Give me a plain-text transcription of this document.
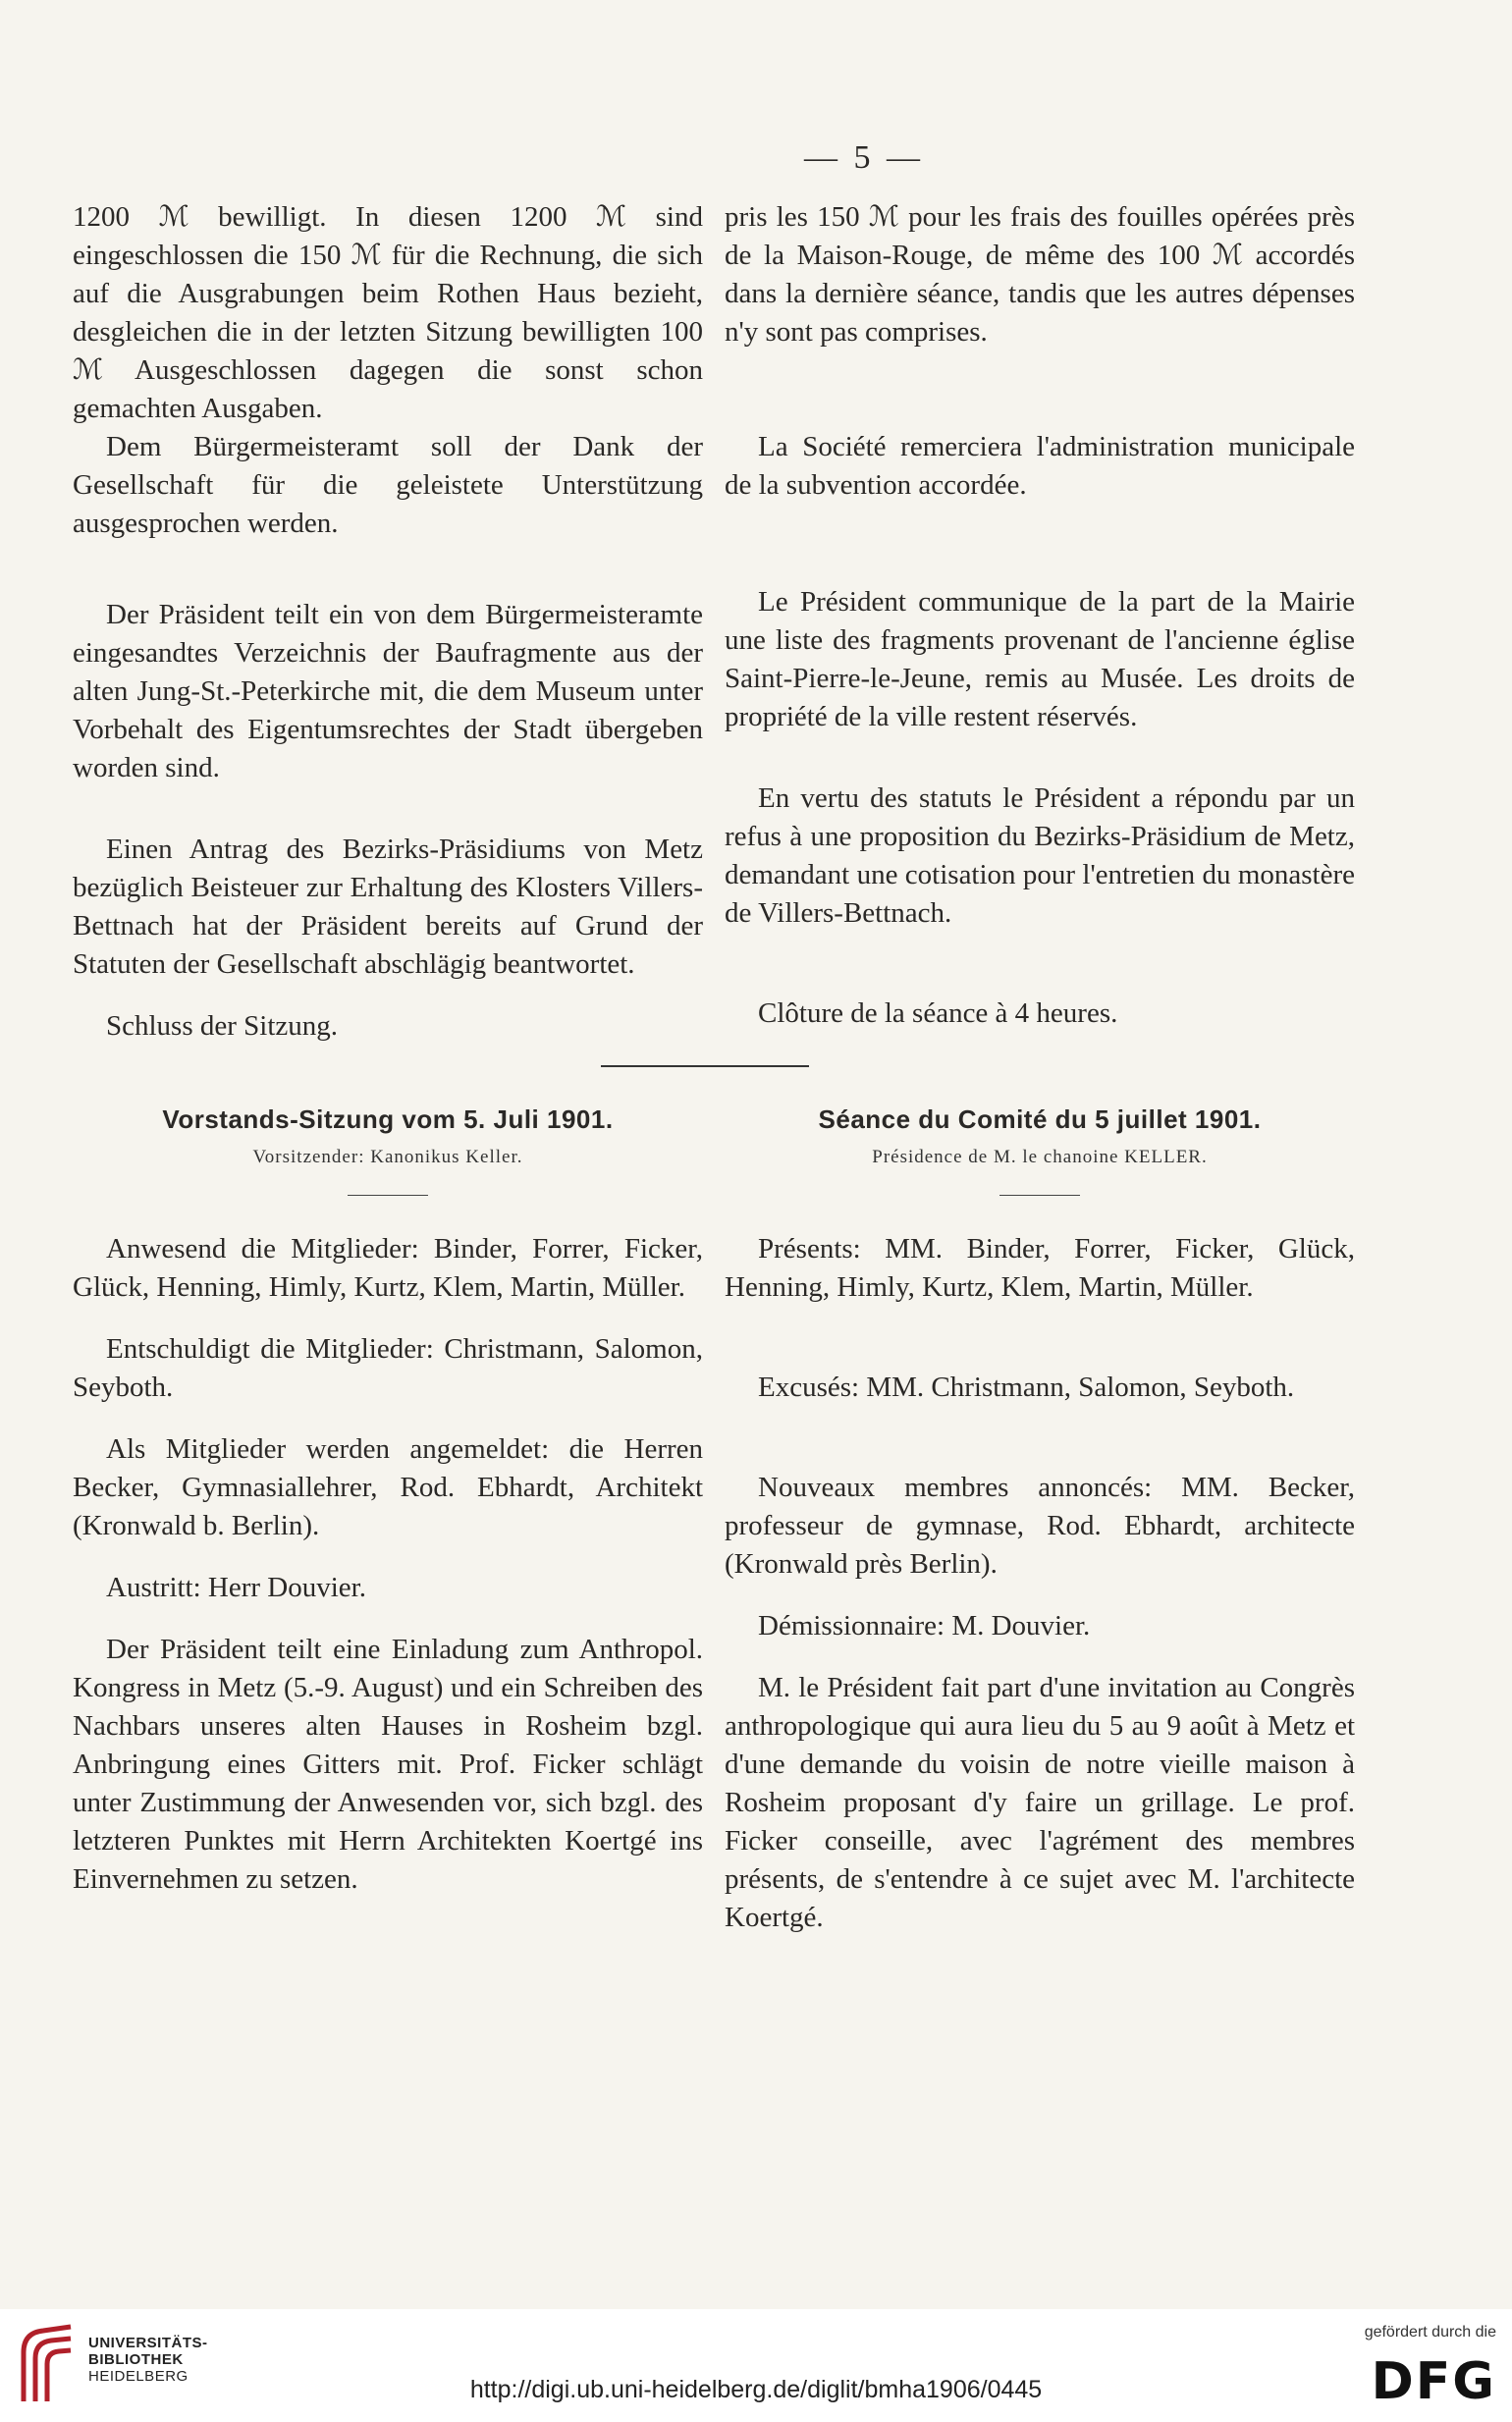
— 5 —

1200 ℳ bewilligt. In diesen 1200 ℳ sind eingeschlossen die 150 ℳ für die Rechnung, die sich auf die Ausgrabungen beim Rothen Haus bezieht, desgleichen die in der letzten Sitzung bewilligten 100 ℳ Ausgeschlossen dagegen die sonst schon gemachten Ausgaben.

Dem Bürgermeisteramt soll der Dank der Gesellschaft für die geleistete Unterstützung ausgesprochen werden.

Der Präsident teilt ein von dem Bürgermeisteramte eingesandtes Verzeichnis der Baufragmente aus der alten Jung-St.-Peterkirche mit, die dem Museum unter Vorbehalt des Eigentumsrechtes der Stadt übergeben worden sind.

Einen Antrag des Bezirks-Präsidiums von Metz bezüglich Beisteuer zur Erhaltung des Klosters Villers-Bettnach hat der Präsident bereits auf Grund der Statuten der Gesellschaft abschlägig beantwortet.

Schluss der Sitzung.

pris les 150 ℳ pour les frais des fouilles opérées près de la Maison-Rouge, de même des 100 ℳ accordés dans la dernière séance, tandis que les autres dépenses n'y sont pas comprises.

La Société remerciera l'administration municipale de la subvention accordée.

Le Président communique de la part de la Mairie une liste des fragments provenant de l'ancienne église Saint-Pierre-le-Jeune, remis au Musée. Les droits de propriété de la ville restent réservés.

En vertu des statuts le Président a répondu par un refus à une proposition du Bezirks-Präsidium de Metz, demandant une cotisation pour l'entretien du monastère de Villers-Bettnach.

Clôture de la séance à 4 heures.

Vorstands-Sitzung vom 5. Juli 1901.
Vorsitzender: Kanonikus Keller.
Séance du Comité du 5 juillet 1901.
Présidence de M. le chanoine KELLER.

Anwesend die Mitglieder: Binder, Forrer, Ficker, Glück, Henning, Himly, Kurtz, Klem, Martin, Müller.

Entschuldigt die Mitglieder: Christmann, Salomon, Seyboth.

Als Mitglieder werden angemeldet: die Herren Becker, Gymnasiallehrer, Rod. Ebhardt, Architekt (Kronwald b. Berlin).

Austritt: Herr Douvier.

Der Präsident teilt eine Einladung zum Anthropol. Kongress in Metz (5.-9. August) und ein Schreiben des Nachbars unseres alten Hauses in Rosheim bzgl. Anbringung eines Gitters mit. Prof. Ficker schlägt unter Zustimmung der Anwesenden vor, sich bzgl. des letzteren Punktes mit Herrn Architekten Koertgé ins Einvernehmen zu setzen.

Présents: MM. Binder, Forrer, Ficker, Glück, Henning, Himly, Kurtz, Klem, Martin, Müller.

Excusés: MM. Christmann, Salomon, Seyboth.

Nouveaux membres annoncés: MM. Becker, professeur de gymnase, Rod. Ebhardt, architecte (Kronwald près Berlin).

Démissionnaire: M. Douvier.

M. le Président fait part d'une invitation au Congrès anthropologique qui aura lieu du 5 au 9 août à Metz et d'une demande du voisin de notre vieille maison à Rosheim proposant d'y faire un grillage. Le prof. Ficker conseille, avec l'agrément des membres présents, de s'entendre à ce sujet avec M. l'architecte Koertgé.

UNIVERSITÄTS-
BIBLIOTHEK
HEIDELBERG	http://digi.ub.uni-heidelberg.de/diglit/bmha1906/0445
gefördert durch die
DFG
